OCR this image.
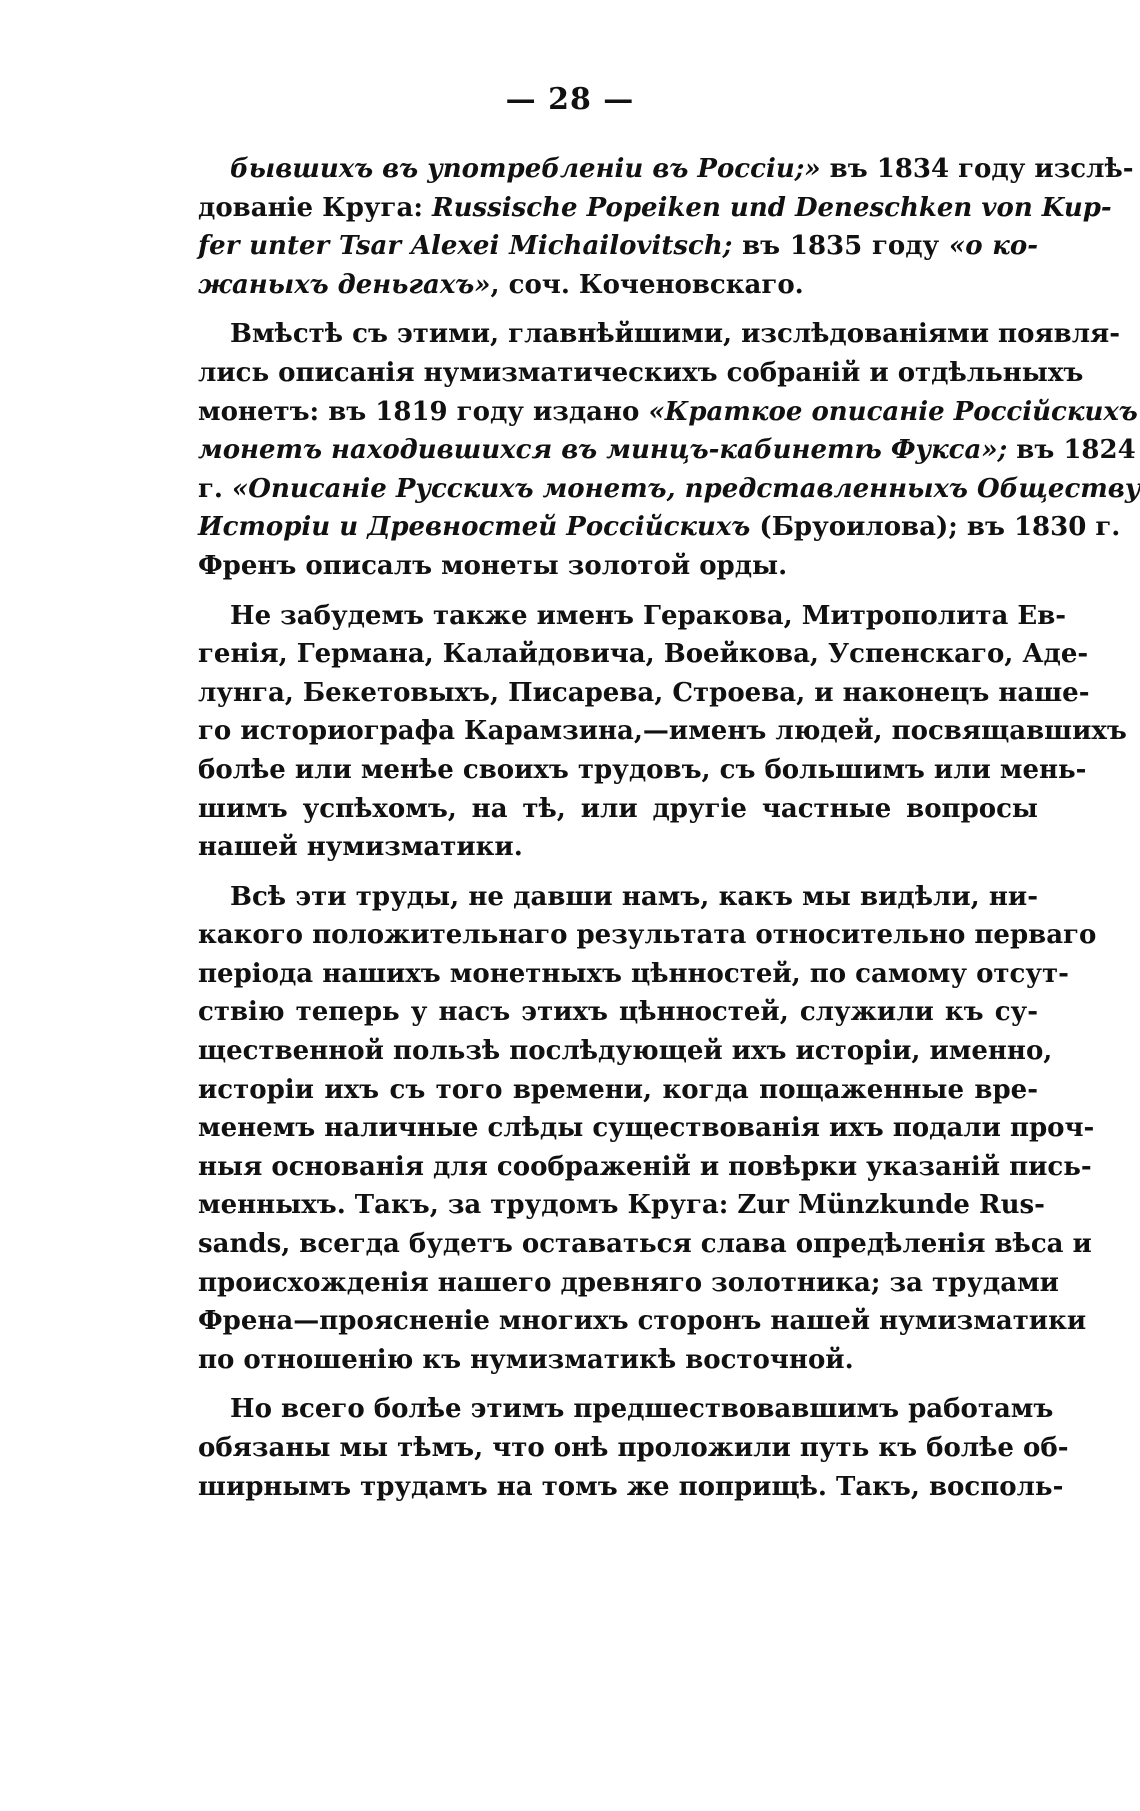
— 28 —
бывшихъ въ употребленіи въ Россіи;» въ 1834 году изслѣ-
дованіе Круга: Russische Popeiken und Deneschken von Kup-
fer unter Tsar Alexei Michailovitsch; въ 1835 году «о ко-
жаныхъ деньгахъ», соч. Коченовскаго.
Вмѣстѣ съ этими, главнѣйшими, изслѣдованіями появля-
лись описанія нумизматическихъ собраній и отдѣльныхъ
монетъ: въ 1819 году издано «Краткое описаніе Россійскихъ
монетъ находившихся въ минцъ-кабинетѣ Фукса»; въ 1824
г. «Описаніе Русскихъ монетъ, представленныхъ Обществу
Исторіи и Древностей Россійскихъ (Бруоилова); въ 1830 г.
Френъ описалъ монеты золотой орды.
Не забудемъ также именъ Геракова, Митрополита Ев-
генія, Германа, Калайдовича, Воейкова, Успенскаго, Аде-
лунга, Бекетовыхъ, Писарева, Строева, и наконецъ наше-
го историографа Карамзина,—именъ людей, посвящавшихъ
болѣе или менѣе своихъ трудовъ, съ большимъ или мень-
шимъ успѣхомъ, на тѣ, или другіе частные вопросы
нашей нумизматики.
Всѣ эти труды, не давши намъ, какъ мы видѣли, ни-
какого положительнаго результата относительно перваго
періода нашихъ монетныхъ цѣнностей, по самому отсут-
ствію теперь у насъ этихъ цѣнностей, служили къ су-
щественной пользѣ послѣдующей ихъ исторіи, именно,
исторіи ихъ съ того времени, когда пощаженные вре-
менемъ наличные слѣды существованія ихъ подали проч-
ныя основанія для соображеній и повѣрки указаній пись-
менныхъ. Такъ, за трудомъ Круга: Zur Münzkunde Rus-
sands, всегда будетъ оставаться слава опредѣленія вѣса и
происхожденія нашего древняго золотника; за трудами
Френа—проясненіе многихъ сторонъ нашей нумизматики
по отношенію къ нумизматикѣ восточной.
Но всего болѣе этимъ предшествовавшимъ работамъ
обязаны мы тѣмъ, что онѣ проложили путь къ болѣе об-
ширнымъ трудамъ на томъ же поприщѣ. Такъ, восполь-
